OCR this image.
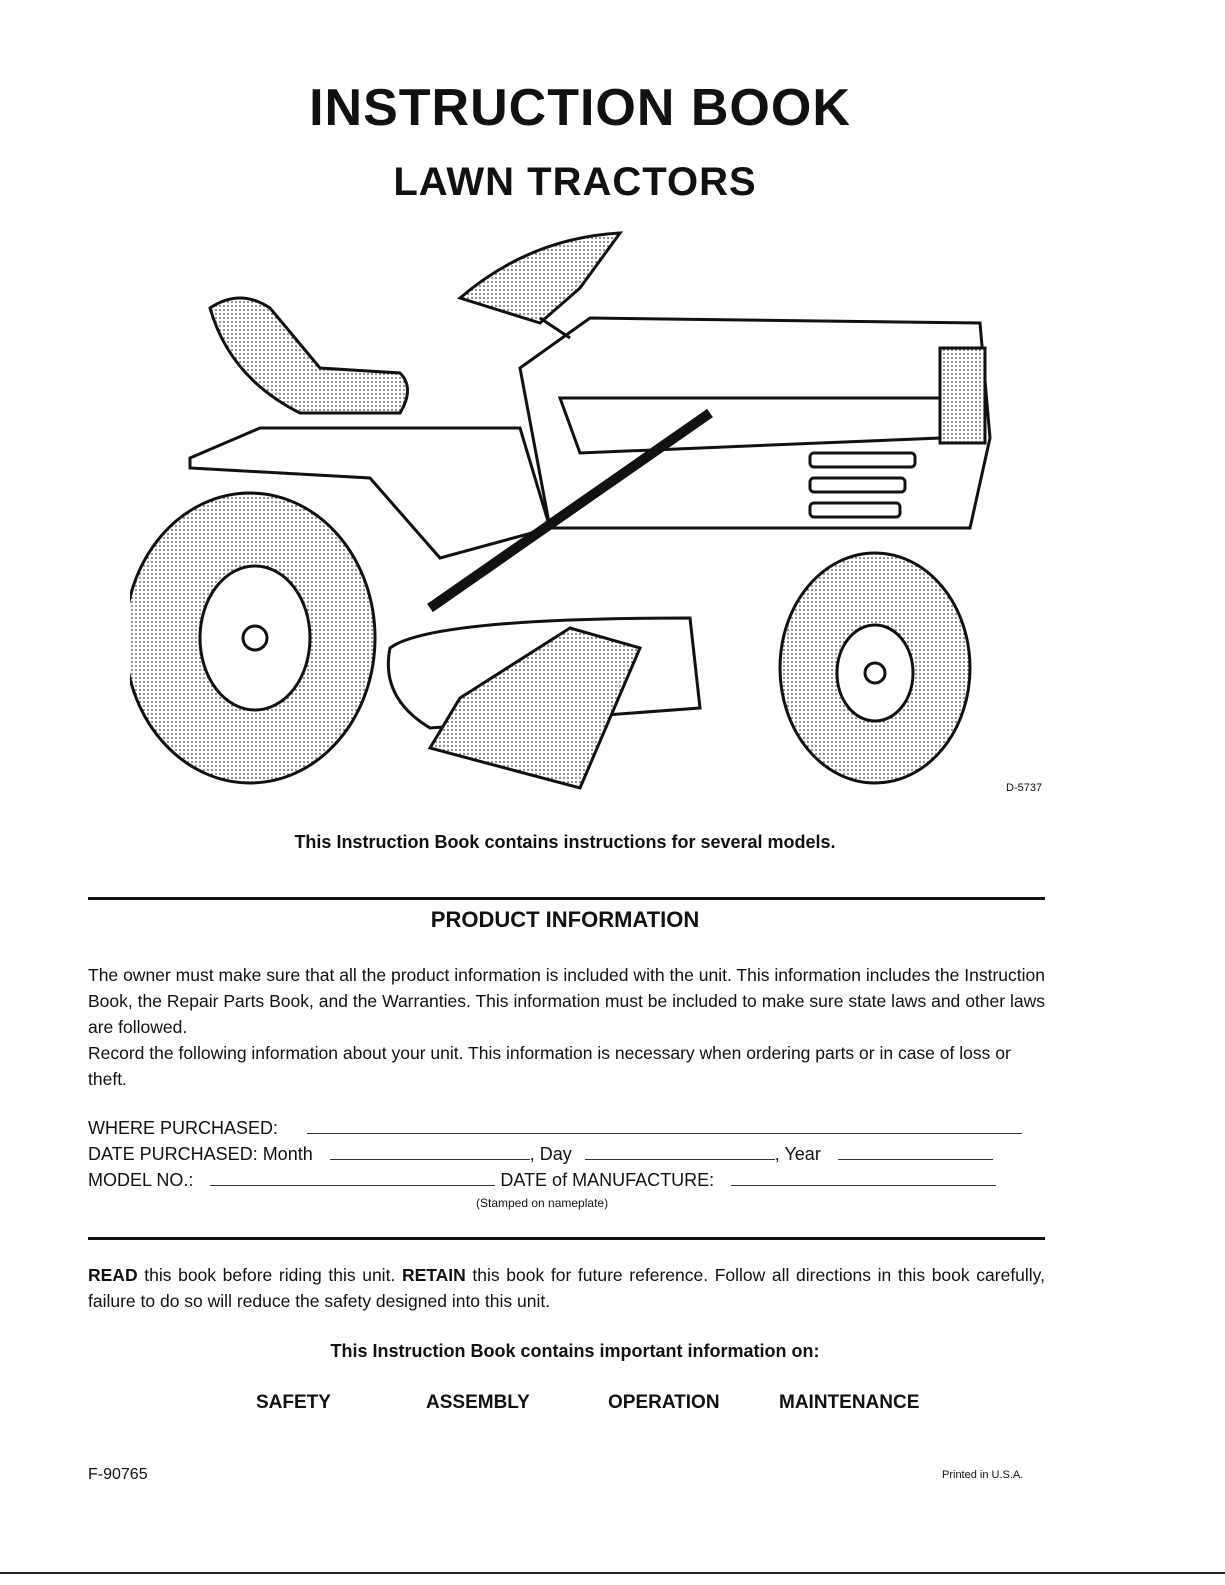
INSTRUCTION BOOK
LAWN TRACTORS
D-5737
This Instruction Book contains instructions for several models.
PRODUCT INFORMATION
The owner must make sure that all the product information is included with the unit. This information includes the Instruction Book, the Repair Parts Book, and the Warranties. This information must be included to make sure state laws and other laws are followed.
Record the following information about your unit. This information is necessary when ordering parts or in case of loss or theft.
WHERE PURCHASED:
DATE PURCHASED: Month	, Day	, Year
MODEL NO.:	DATE of MANUFACTURE:
(Stamped on nameplate)
READ this book before riding this unit. RETAIN this book for future reference. Follow all directions in this book carefully, failure to do so will reduce the safety designed into this unit.
This Instruction Book contains important information on:
SAFETY	ASSEMBLY	OPERATION	MAINTENANCE
F-90765	Printed in U.S.A.
